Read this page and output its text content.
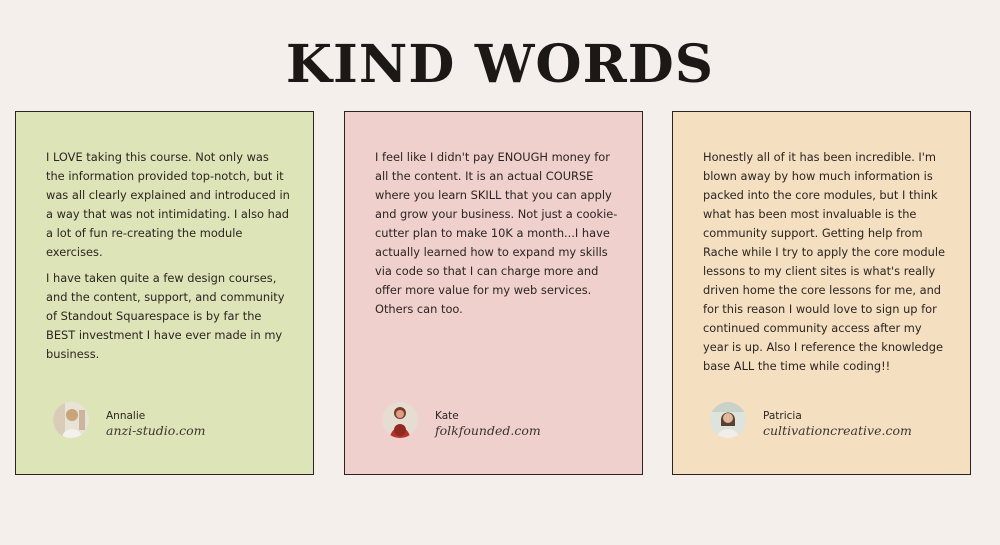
KIND WORDS

I LOVE taking this course. Not only was the information provided top-notch, but it was all clearly explained and introduced in a way that was not intimidating. I also had a lot of fun re-creating the module exercises.

I have taken quite a few design courses, and the content, support, and community of Standout Squarespace is by far the BEST investment I have ever made in my business.

Annalie
anzi-studio.com

I feel like I didn't pay ENOUGH money for all the content. It is an actual COURSE where you learn SKILL that you can apply and grow your business. Not just a cookie-cutter plan to make 10K a month...I have actually learned how to expand my skills via code so that I can charge more and offer more value for my web services. Others can too.

Kate
folkfounded.com

Honestly all of it has been incredible. I'm blown away by how much information is packed into the core modules, but I think what has been most invaluable is the community support. Getting help from Rache while I try to apply the core module lessons to my client sites is what's really driven home the core lessons for me, and for this reason I would love to sign up for continued community access after my year is up. Also I reference the knowledge base ALL the time while coding!!

Patricia
cultivationcreative.com
